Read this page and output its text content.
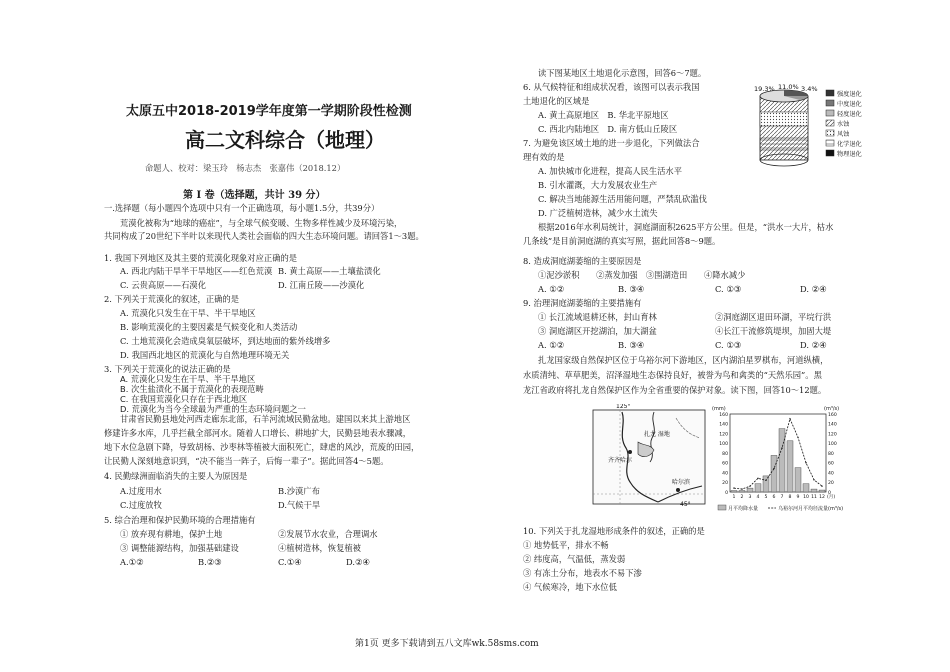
太原五中2018-2019学年度第一学期阶段性检测
高二文科综合（地理）
命题人、校对：梁玉玲　杨志杰　张嘉伟（2018.12）
第 I 卷（选择题，共计 39 分）
一.选择题（每小题四个选项中只有一个正确选项，每小题1.5分，共39分）
荒漠化被称为“地球的癌症”，与全球气候变暖、生物多样性减少及环境污染，
共同构成了20世纪下半叶以来现代人类社会面临的四大生态环境问题。请回答1～3题。
1. 我国下列地区及其主要的荒漠化现象对应正确的是
A. 西北内陆干旱半干旱地区——红色荒漠 B. 黄土高原——土壤盐渍化
C. 云贵高原——石漠化	D. 江南丘陵——沙漠化
2. 下列关于荒漠化的叙述，正确的是
A. 荒漠化只发生在干旱、半干旱地区
B. 影响荒漠化的主要因素是气候变化和人类活动
C. 土地荒漠化会造成臭氧层破坏，到达地面的紫外线增多
D. 我国西北地区的荒漠化与自然地理环境无关
3. 下列关于荒漠化的说法正确的是
A. 荒漠化只发生在干旱、半干旱地区
B. 次生盐渍化不属于荒漠化的表现范畴
C. 在我国荒漠化只存在于西北地区
D. 荒漠化为当今全球最为严重的生态环境问题之一
甘肃省民勤县地处河西走廊东北部，石羊河流域民勤盆地。建国以来其上游地区
修建许多水库，几乎拦截全部河水。随着人口增长、耕地扩大，民勤县地表水骤减，
地下水位急剧下降，导致胡杨、沙枣林等植被大面积死亡，肆虐的风沙，荒废的田园，
让民勤人深刻地意识到，“决不能当一阵子，后悔一辈子”。据此回答4～5题。
4. 民勤绿洲面临消失的主要人为原因是
A.过度用水	B.沙漠广布
C.过度放牧	D.气候干旱
5. 综合治理和保护民勤环境的合理措施有
① 放弃现有耕地，保护土地	②发展节水农业，合理调水
③ 调整能源结构，加强基础建设	④植树造林，恢复植被
A.①②	B.②③	C.①④	D.②④
读下图某地区土地退化示意图，回答6～7题。
6. 从气候特征和组成状况看，该图可以表示我国
土地退化的区域是
A. 黄土高原地区　B. 华北平原地区
C. 西北内陆地区　D. 南方低山丘陵区
7. 为避免该区域土地的进一步退化，下列做法合
理有效的是
A. 加快城市化进程，提高人民生活水平
B. 引水灌溉，大力发展农业生产
C. 解决当地能源生活用能问题，严禁乱砍滥伐
D. 广泛植树造林，减少水土流失
19.3% 11.0% 3.4%
强度退化
中度退化
轻度退化
水蚀
风蚀
化学退化
物理退化
根据2016年水利局统计，洞庭湖面积2625平方公里。但是，“洪水一大片，枯水
几条线”是目前洞庭湖的真实写照，据此回答8～9题。
8. 造成洞庭湖萎缩的主要原因是
①泥沙淤积　　②蒸发加强　③围湖造田　　④降水减少
A. ①②	B. ③④	C. ①③	D. ②④
9. 治理洞庭湖萎缩的主要措施有
① 长江流域退耕还林，封山育林	②洞庭湖区退田环湖，平垸行洪
③ 洞庭湖区开挖湖泊，加大湖盆	④长江干流修筑堤坝，加固大堤
A. ①②	B. ③④	C. ①③	D. ②④
扎龙国家级自然保护区位于乌裕尔河下游地区，区内湖泊星罗棋布，河道纵横，
水质清纯、草草肥美，沼泽湿地生态保持良好，被誉为鸟和禽类的“天然乐园”。黑
龙江省政府将扎龙自然保护区作为全省重要的保护对象。读下图，回答10～12题。
125°
45°
齐齐哈尔
扎龙 湿地
哈尔滨
(mm)	(m³/s)
160
140
120
100
80
60
40
20
0
160
140
120
100
80
60
40
20
0
1 2 3 4 5 6 7 8 9 10 11 12 (月)
月平均降水量	乌裕尔河月平均径流量(m³/s)
10. 下列关于扎龙湿地形成条件的叙述，正确的是
① 地势低平，排水不畅
② 纬度高，气温低，蒸发弱
③ 有冻土分布，地表水不易下渗
④ 气候寒冷，地下水位低
第1页 更多下载请到五八文库wk.58sms.com
